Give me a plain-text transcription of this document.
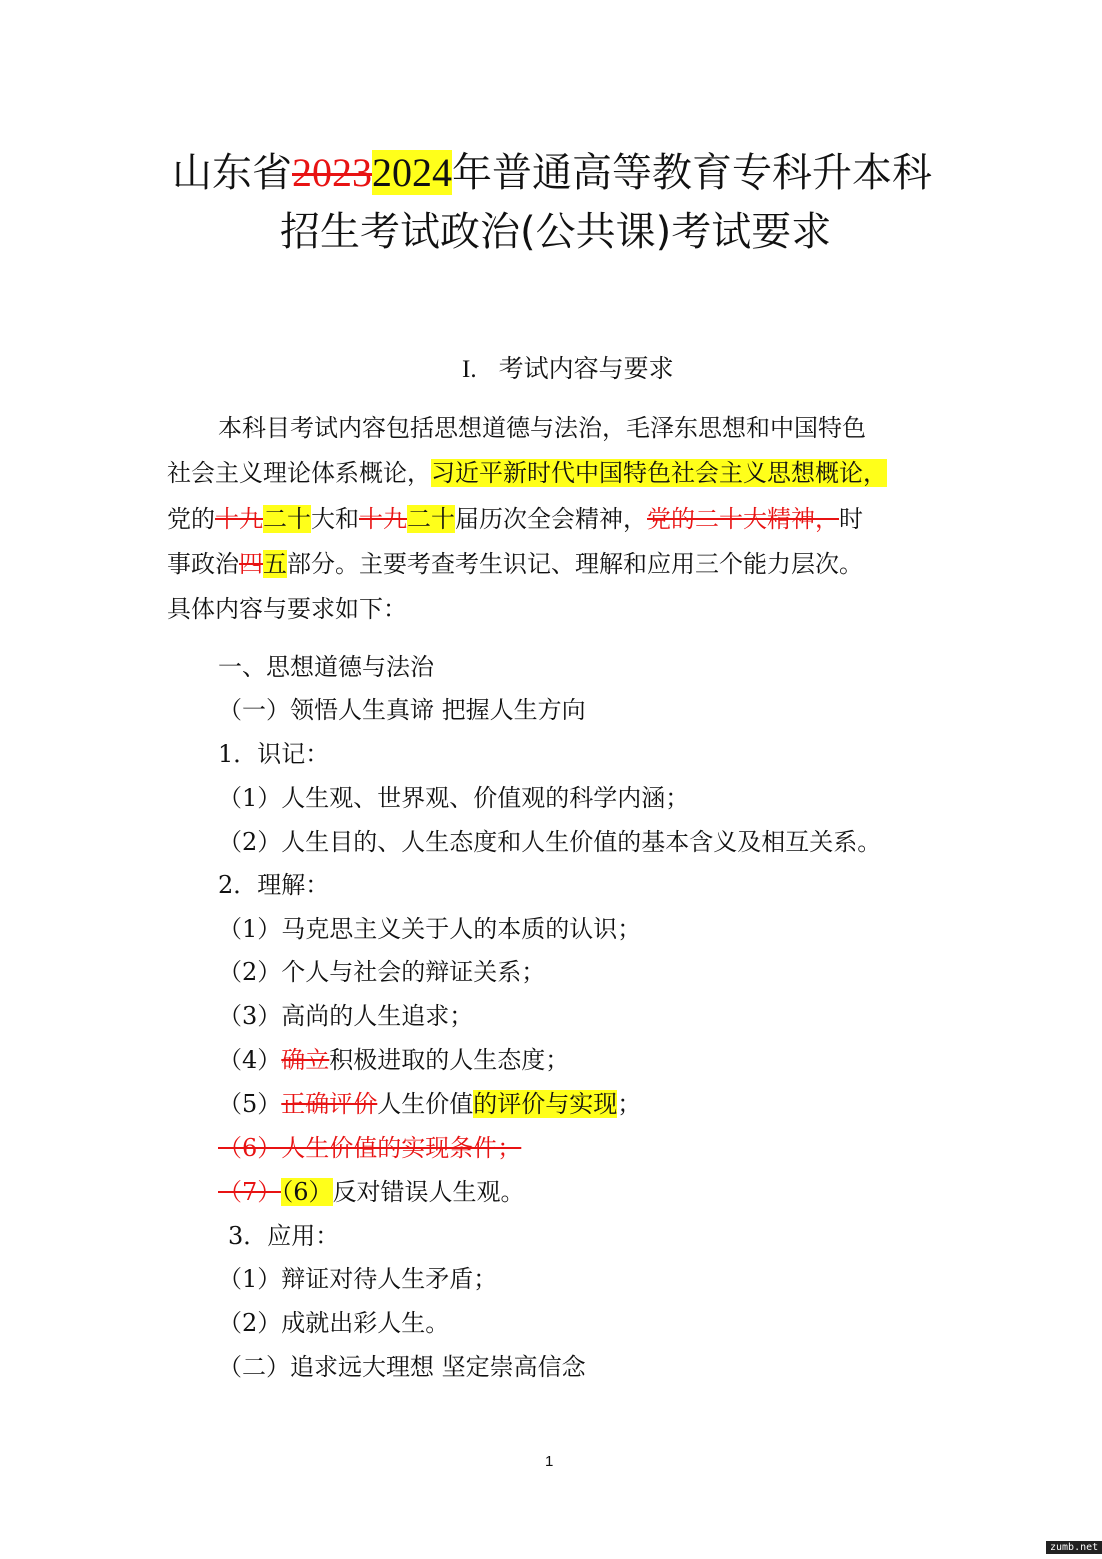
山东省20232024年普通高等教育专科升本科
招生考试政治(公共课)考试要求
I. 考试内容与要求
本科目考试内容包括思想道德与法治，毛泽东思想和中国特色
社会主义理论体系概论，习近平新时代中国特色社会主义思想概论，
党的十九二十大和十九二十届历次全会精神，党的二十大精神，时
事政治四五部分。主要考查考生识记、理解和应用三个能力层次。
具体内容与要求如下：
一、思想道德与法治
（一）领悟人生真谛 把握人生方向
1．识记：
（1）人生观、世界观、价值观的科学内涵；
（2）人生目的、人生态度和人生价值的基本含义及相互关系。
2．理解：
（1）马克思主义关于人的本质的认识；
（2）个人与社会的辩证关系；
（3）高尚的人生追求；
（4）确立积极进取的人生态度；
（5）正确评价人生价值的评价与实现；
（6）人生价值的实现条件；
（7）（6）反对错误人生观。
3．应用：
（1）辩证对待人生矛盾；
（2）成就出彩人生。
（二）追求远大理想 坚定崇高信念
1
zumb.net
